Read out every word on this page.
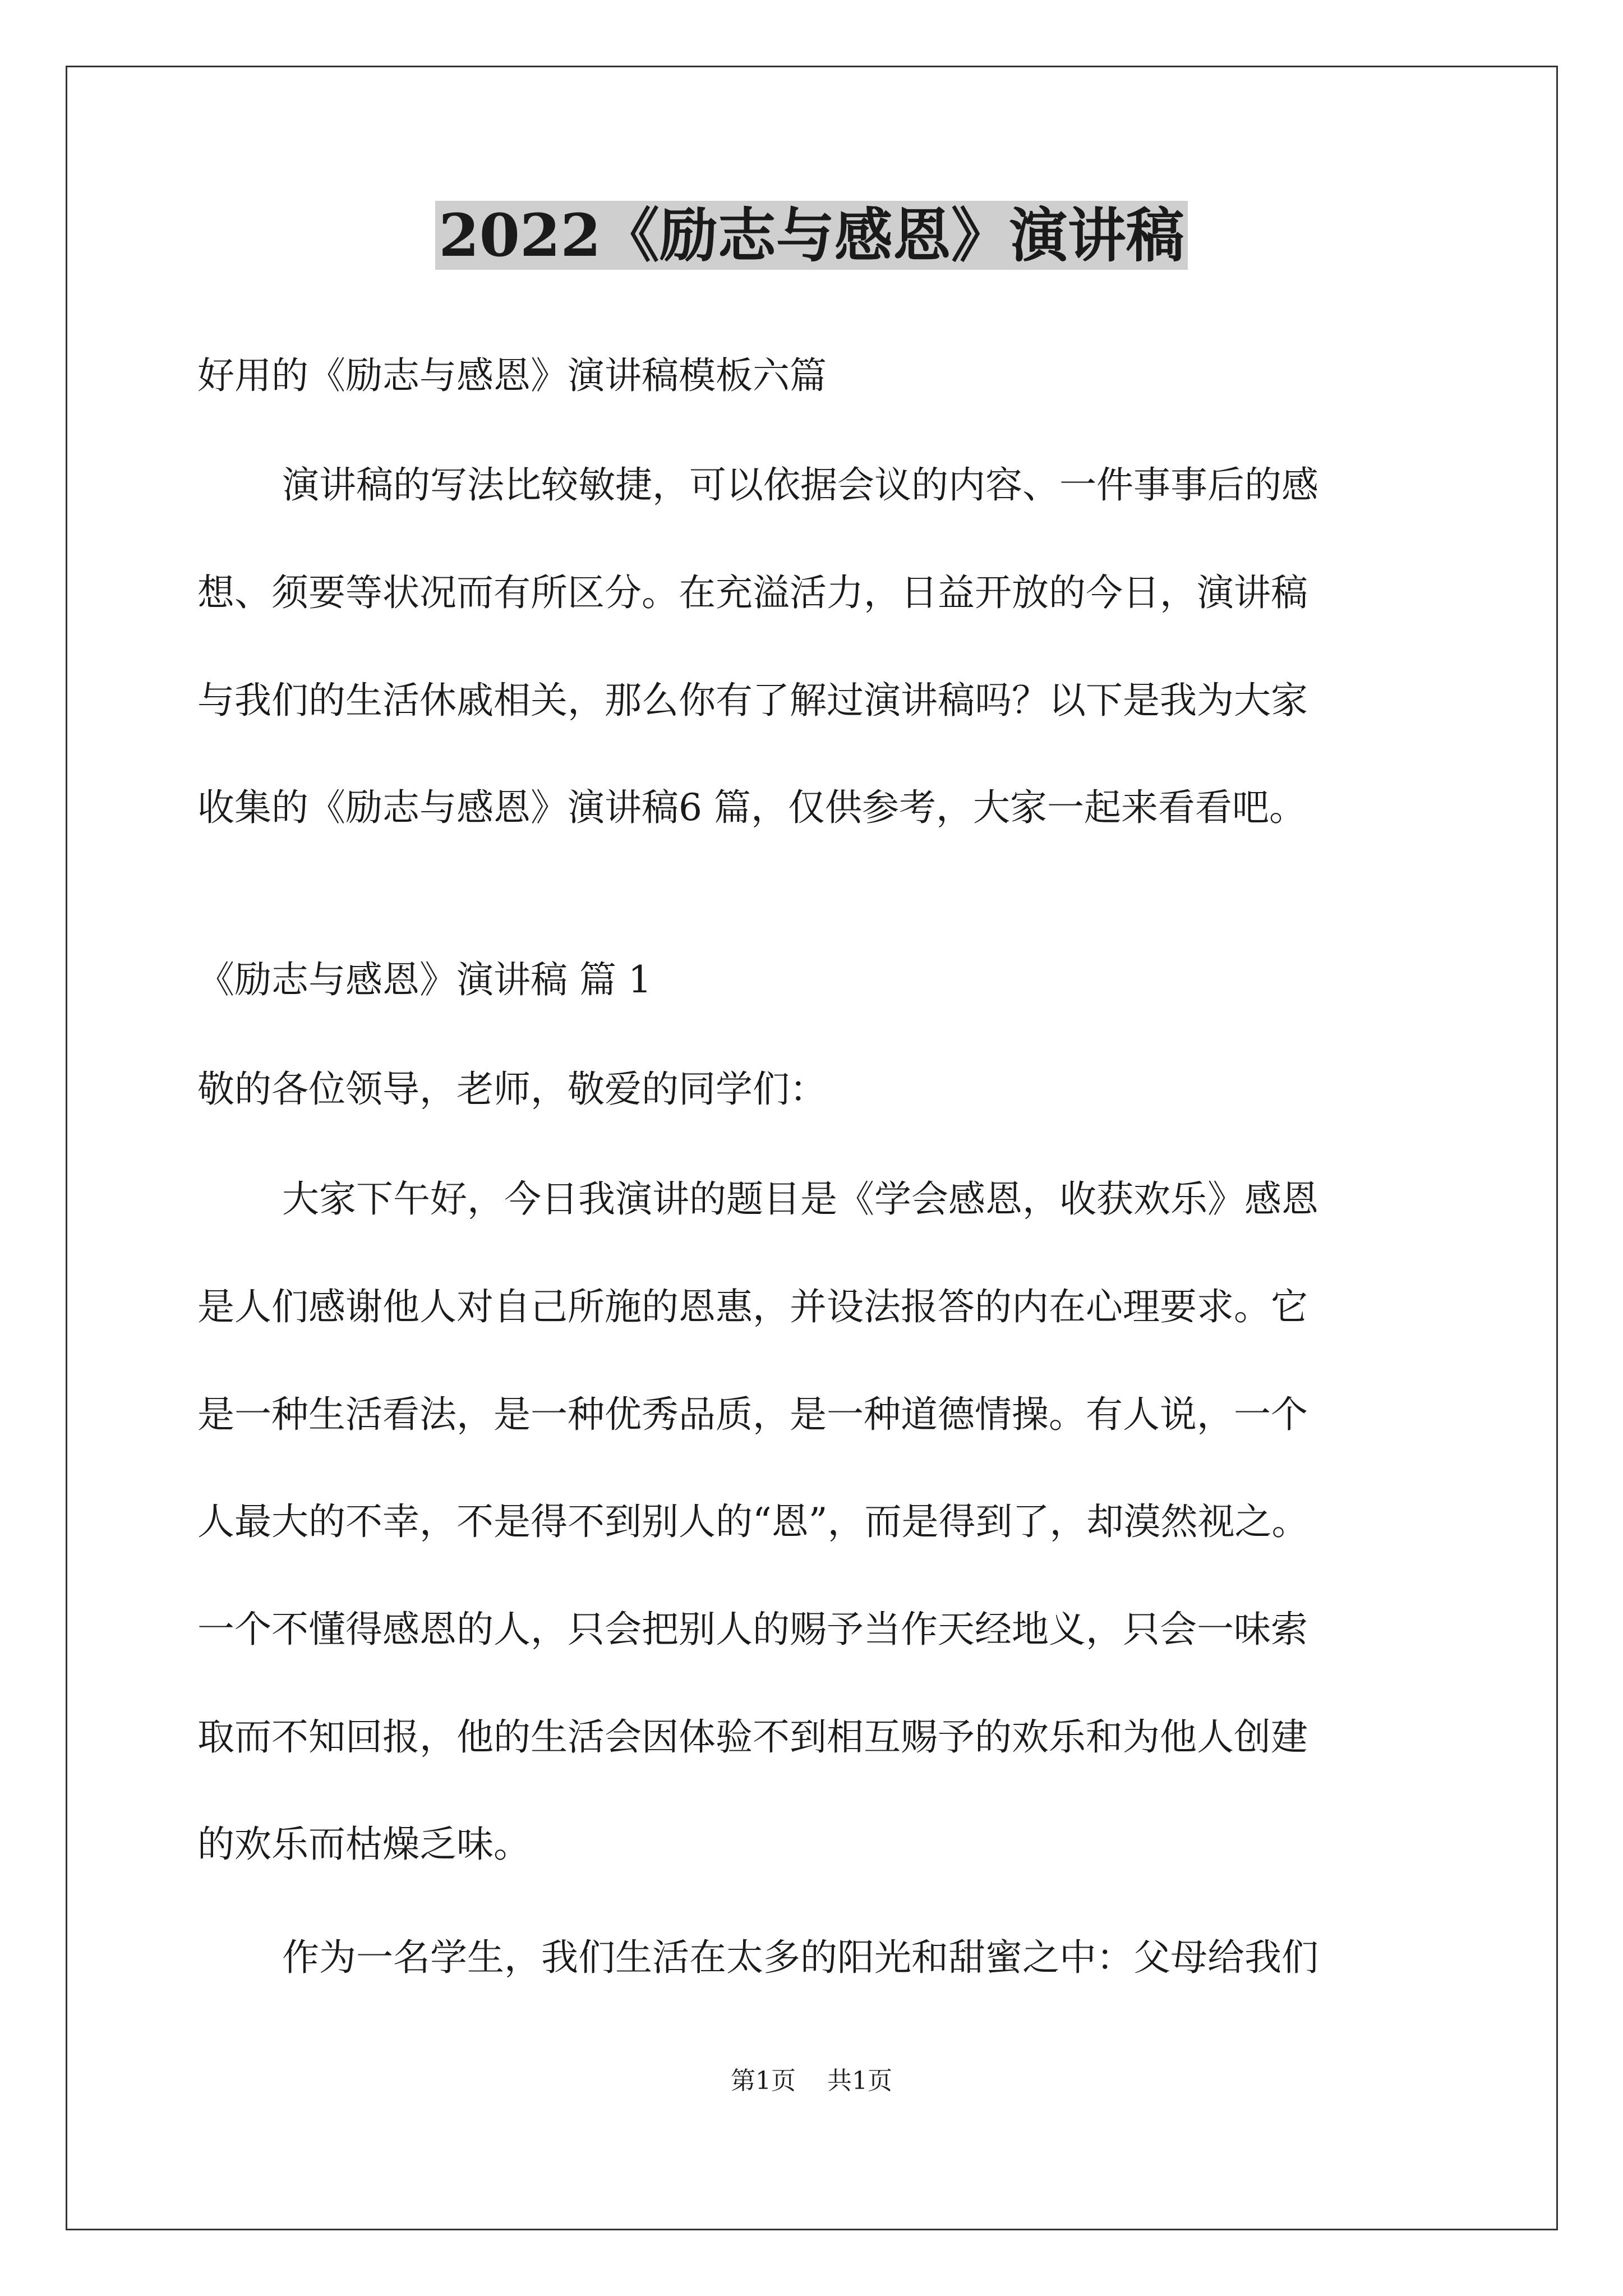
2022《励志与感恩》演讲稿

好用的《励志与感恩》演讲稿模板六篇

演讲稿的写法比较敏捷，可以依据会议的内容、一件事事后的感

想、须要等状况而有所区分。在充溢活力，日益开放的今日，演讲稿

与我们的生活休戚相关，那么你有了解过演讲稿吗？以下是我为大家

收集的《励志与感恩》演讲稿6 篇，仅供参考，大家一起来看看吧。

《励志与感恩》演讲稿 篇 1

敬的各位领导，老师，敬爱的同学们：

大家下午好，今日我演讲的题目是《学会感恩，收获欢乐》感恩

是人们感谢他人对自己所施的恩惠，并设法报答的内在心理要求。它

是一种生活看法，是一种优秀品质，是一种道德情操。有人说，一个

人最大的不幸，不是得不到别人的“恩”，而是得到了，却漠然视之。

一个不懂得感恩的人，只会把别人的赐予当作天经地义，只会一味索

取而不知回报，他的生活会因体验不到相互赐予的欢乐和为他人创建

的欢乐而枯燥乏味。

作为一名学生，我们生活在太多的阳光和甜蜜之中：父母给我们

第1页 共1页
